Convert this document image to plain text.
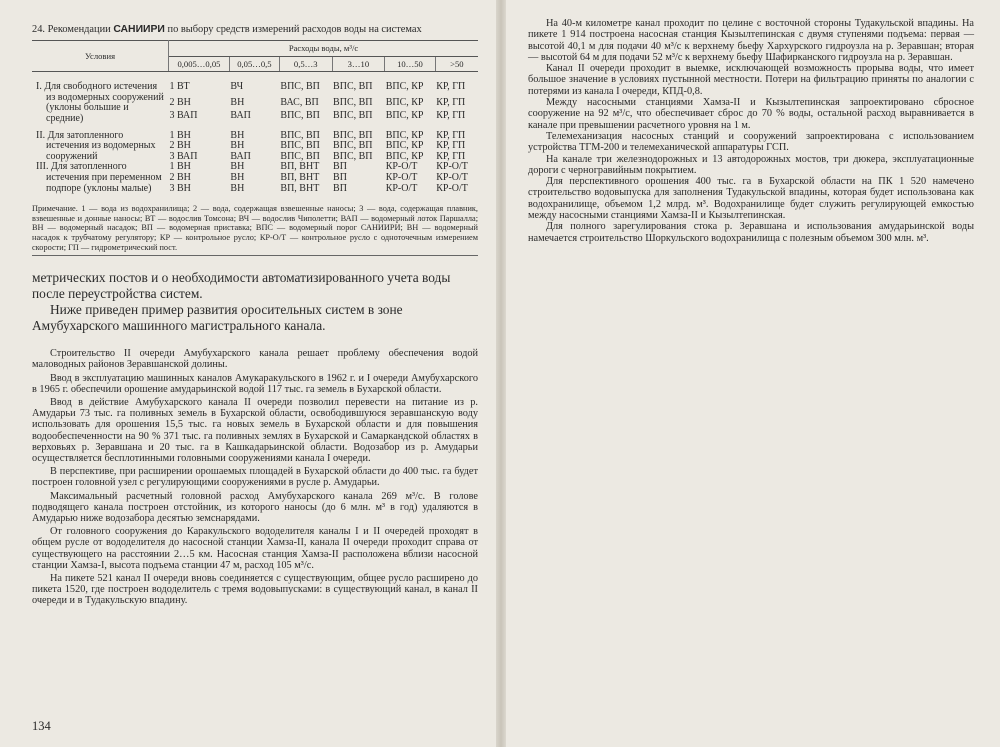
24. Рекомендации САНИИРИ по выбору средств измерений расходов воды на системах
Условия	Расходы воды, м³/с					
	0,005…0,05	0,05…0,5	0,5…3	3…10	10…50	>50

I. Для свободного истечения из водомерных сооружений (уклоны большие и средние)	1 ВТ	ВЧ	ВПС, ВП	ВПС, ВП	ВПС, КР	КР, ГП
	2 ВН	ВН	ВАС, ВП	ВПС, ВП	ВПС, КР	КР, ГП
	3 ВАП	ВАП	ВПС, ВП	ВПС, ВП	ВПС, КР	КР, ГП

II. Для затопленного истечения из водомерных сооружений	1 ВН	ВН	ВПС, ВП	ВПС, ВП	ВПС, КР	КР, ГП
	2 ВН	ВН	ВПС, ВП	ВПС, ВП	ВПС, КР	КР, ГП
	3 ВАП	ВАП	ВПС, ВП	ВПС, ВП	ВПС, КР	КР, ГП

III. Для затопленного истечения при переменном подпоре (уклоны малые)	1 ВН	ВН	ВП, ВНТ	ВП	КР-О/Т	КР-О/Т
	2 ВН	ВН	ВП, ВНТ	ВП	КР-О/Т	КР-О/Т
	3 ВН	ВН	ВП, ВНТ	ВП	КР-О/Т	КР-О/Т

Примечание. 1 — вода из водохранилища; 2 — вода, содержащая взвешенные наносы; 3 — вода, содержащая плавник, взвешенные и донные наносы; ВТ — водослив Томсона; ВЧ — водослив Чиполетти; ВАП — водомерный лоток Паршалла; ВН — водомерный насадок; ВП — водомерная приставка; ВПС — водомерный порог САНИИРИ; ВН — водомерный насадок к трубчатому регулятору; КР — контрольное русло; КР-О/Т — контрольное русло с одноточечным измерением скорости; ГП — гидрометрический пост.

метрических постов и о необходимости автоматизированного учета воды после переустройства систем.

Ниже приведен пример развития оросительных систем в зоне Амубухарского машинного магистрального канала.

Строительство II очереди Амубухарского канала решает проблему обеспечения водой маловодных районов Зеравшанской долины.

Ввод в эксплуатацию машинных каналов Амукаракульского в 1962 г. и I очереди Амубухарского в 1965 г. обеспечили орошение амударьинской водой 117 тыс. га земель в Бухарской области.

Ввод в действие Амубухарского канала II очереди позволил перевести на питание из р. Амударьи 73 тыс. га поливных земель в Бухарской области, освободившуюся зеравшанскую воду использовать для орошения 15,5 тыс. га новых земель в Бухарской области и для повышения водообеспеченности на 90 % 371 тыс. га поливных землях в Бухарской и Самаркандской областях в верховьях р. Зеравшана и 20 тыс. га в Кашкадарьинской области. Водозабор из р. Амударьи осуществляется бесплотинными головными сооружениями канала I очереди.

В перспективе, при расширении орошаемых площадей в Бухарской области до 400 тыс. га будет построен головной узел с регулирующими сооружениями в русле р. Амударьи.

Максимальный расчетный головной расход Амубухарского канала 269 м³/с. В голове подводящего канала построен отстойник, из которого наносы (до 6 млн. м³ в год) удаляются в Амударью ниже водозабора десятью земснарядами.

От головного сооружения до Каракульского вододелителя каналы I и II очередей проходят в общем русле от вододелителя до насосной станции Хамза-II, канала II очереди проходит справа от существующего на расстоянии 2…5 км. Насосная станция Хамза-II расположена вблизи насосной станции Хамза-I, высота подъема станции 47 м, расход 105 м³/с.

На пикете 521 канал II очереди вновь соединяется с существующим, общее русло расширено до пикета 1520, где построен вододелитель с тремя водовыпусками: в существующий канал, в канал II очереди и в Тудакульскую впадину.

134

На 40-м километре канал проходит по целине с восточной стороны Тудакульской впадины. На пикете 1 914 построена насосная станция Кызылтепинская с двумя ступенями подъема: первая — высотой 40,1 м для подачи 40 м³/с к верхнему бьефу Хархурского гидроузла на р. Зеравшан; вторая — высотой 64 м для подачи 52 м³/с к верхнему бьефу Шафирканского гидроузла на р. Зеравшан.

Канал II очереди проходит в выемке, исключающей возможность прорыва воды, что имеет большое значение в условиях пустынной местности. Потери на фильтрацию приняты по аналогии с потерями из канала I очереди, КПД-0,8.

Между насосными станциями Хамза-II и Кызылтепинская запроектировано сбросное сооружение на 92 м³/с, что обеспечивает сброс до 70 % воды, остальной расход выравнивается в канале при превышении расчетного уровня на 1 м.

Телемеханизация насосных станций и сооружений запроектирована с использованием устройства ТГМ-200 и телемеханической аппаратуры ГСП.

На канале три железнодорожных и 13 автодорожных мостов, три дюкера, эксплуатационные дороги с черногравийным покрытием.

Для перспективного орошения 400 тыс. га в Бухарской области на ПК 1 520 намечено строительство водовыпуска для заполнения Тудакульской впадины, которая будет использована как водохранилище, объемом 1,2 млрд. м³. Водохранилище будет служить регулирующей емкостью между насосными станциями Хамза-II и Кызылтепинская.

Для полного зарегулирования стока р. Зеравшана и использования амударьинской воды намечается строительство Шоркульского водохранилища с полезным объемом 300 млн. м³.
